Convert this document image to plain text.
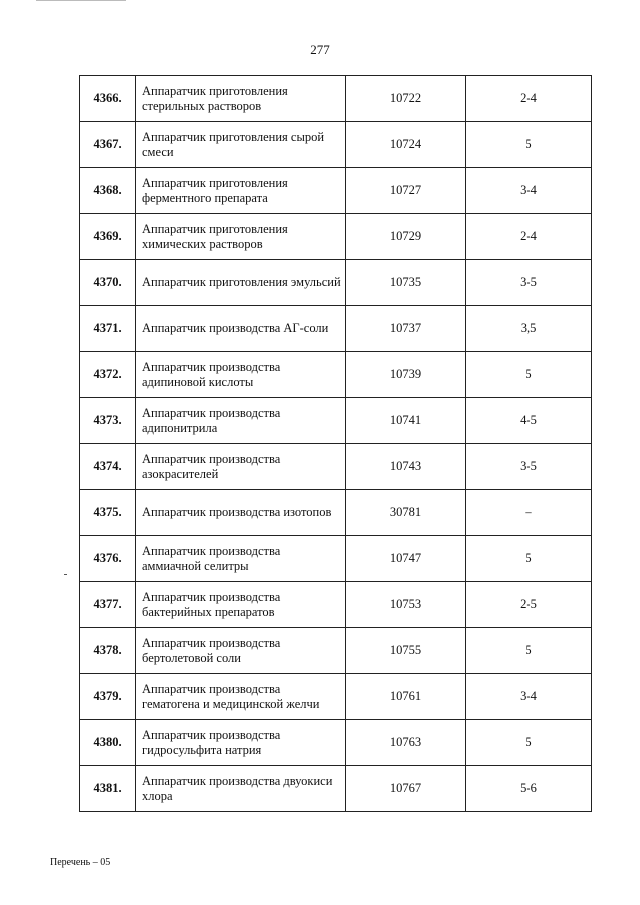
277
4366.	Аппаратчик приготовления стерильных растворов	10722	2-4
4367.	Аппаратчик приготовления сырой смеси	10724	5
4368.	Аппаратчик приготовления ферментного препарата	10727	3-4
4369.	Аппаратчик приготовления химических растворов	10729	2-4
4370.	Аппаратчик приготовления эмульсий	10735	3-5
4371.	Аппаратчик производства АГ-соли	10737	3,5
4372.	Аппаратчик производства адипиновой кислоты	10739	5
4373.	Аппаратчик производства адипонитрила	10741	4-5
4374.	Аппаратчик производства азокрасителей	10743	3-5
4375.	Аппаратчик производства изотопов	30781	–
4376.	Аппаратчик производства аммиачной селитры	10747	5
4377.	Аппаратчик производства бактерийных препаратов	10753	2-5
4378.	Аппаратчик производства бертолетовой соли	10755	5
4379.	Аппаратчик производства гематогена и медицинской желчи	10761	3-4
4380.	Аппаратчик производства гидросульфита натрия	10763	5
4381.	Аппаратчик производства двуокиси хлора	10767	5-6
Перечень – 05
